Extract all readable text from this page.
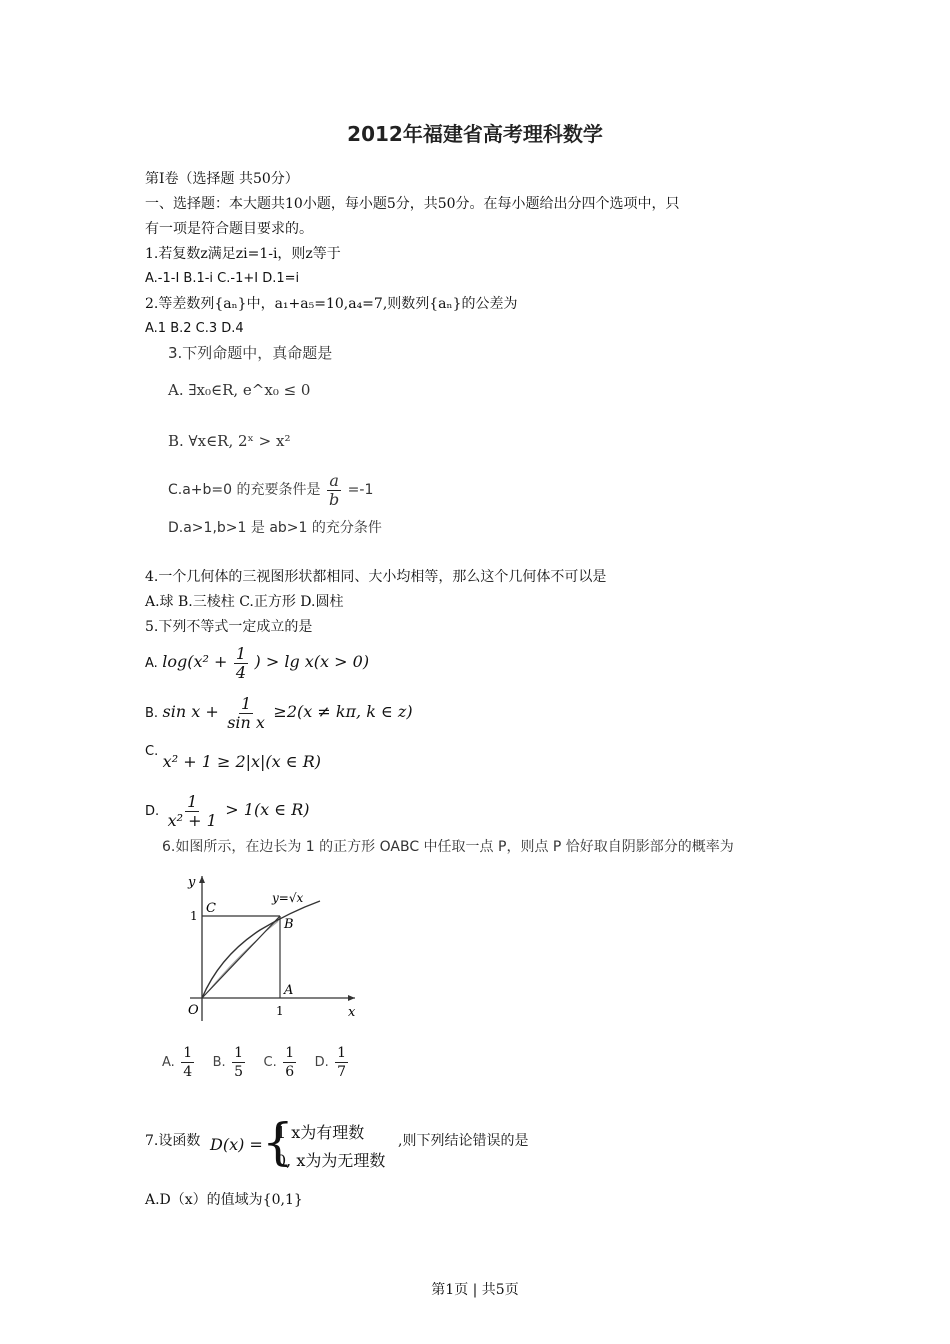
2012年福建省高考理科数学
第Ⅰ卷（选择题 共50分）
一、选择题：本大题共10小题，每小题5分，共50分。在每小题给出分四个选项中，只
有一项是符合题目要求的。
1.若复数z满足zi=1-i，则z等于
A.-1-I B.1-i C.-1+I D.1=i
2.等差数列{aₙ}中，a₁+a₅=10,a₄=7,则数列{aₙ}的公差为
A.1 B.2 C.3 D.4
3.下列命题中，真命题是
A. ∃x₀∈R, e^x₀ ≤ 0
B. ∀x∈R, 2ˣ > x²
C.a+b=0 的充要条件是 $\frac{a}{b} =-1$
D.a>1,b>1 是 ab>1 的充分条件
4.一个几何体的三视图形状都相同、大小均相等，那么这个几何体不可以是
A.球 B.三棱柱 C.正方形 D.圆柱
5.下列不等式一定成立的是
A. $\log(x^2 + \frac{1}{4}$ ) > lg x(x > 0)
B. $\sin x + \frac{1}{\text{sin x}} \ge 2(x \ne k\pi$, k ∈ z)
C. x² + 1 ≥ 2|x|(x ∈ R)
D. $\frac{1}{\text{x² + 1}} > 1(x$ ∈ R)
6.如图所示，在边长为 1 的正方形 OABC 中任取一点 P，则点 P 恰好取自阴影部分的概率为
y
x
y=√x
C
B
A
O
1
1
A. $\frac{1}{4} B$. $\frac{1}{5} C$. $\frac{1}{6} D$. $\frac{1}{7}$
7.设函数 D(x) = {
1 x为有理数
0, x为为无理数
,则下列结论错误的是
A.D（x）的值域为{0,1}
第1页 | 共5页
